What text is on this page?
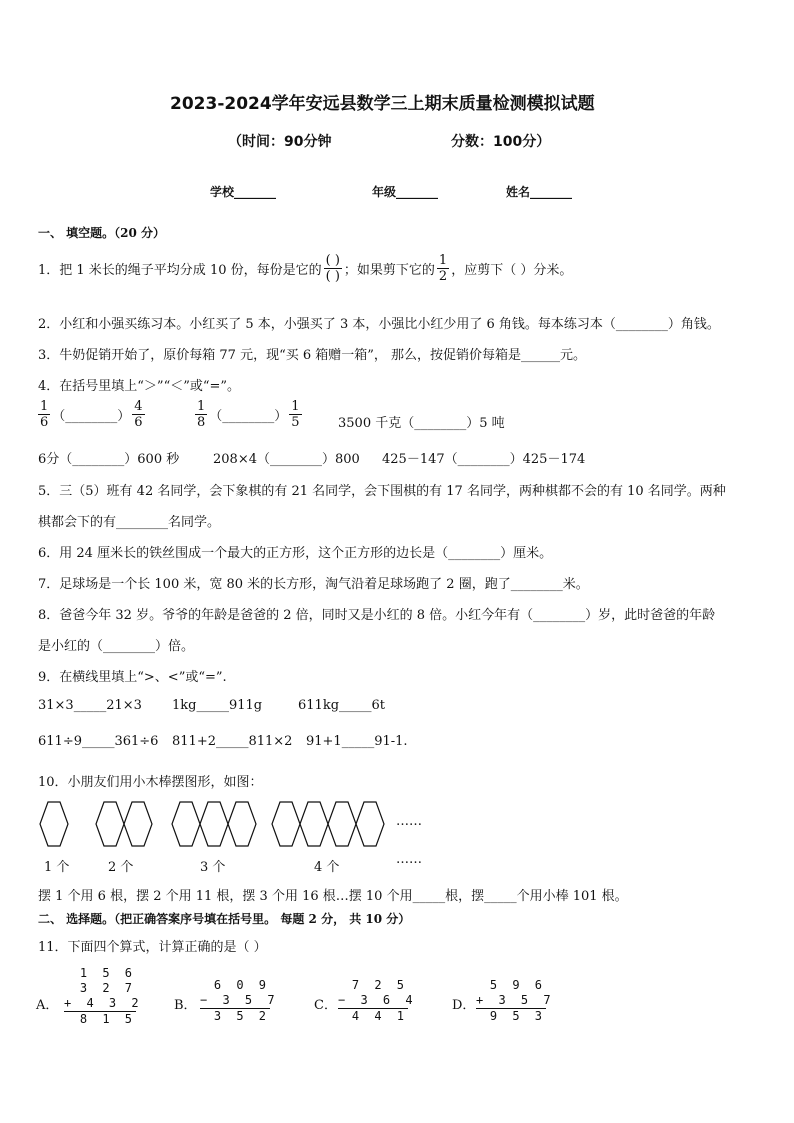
2023-2024学年安远县数学三上期末质量检测模拟试题
（时间：90分钟	分数：100分）
学校_______	年级_______	姓名_______
一、 填空题。（20 分）
1．把 1 米长的绳子平均分成 10 份，每份是它的 $\frac{( )}{( )}$ ；如果剪下它的 $\frac{1}{2}$ ，应剪下（ ）分米。
2．小红和小强买练习本。小红买了 5 本，小强买了 3 本，小强比小红少用了 6 角钱。每本练习本（________）角钱。
3．牛奶促销开始了，原价每箱 77 元，现“买 6 箱赠一箱”， 那么，按促销价每箱是______元。
4．在括号里填上“＞”“＜”或“=”。
$\frac{1}{6}$ （________） $\frac{4}{6}$	$\frac{1}{8}$ （________） $\frac{1}{5}$	3500 千克（________）5 吨
6分（________）600 秒	208×4（________）800 425－147（________）425－174
5．三（5）班有 42 名同学，会下象棋的有 21 名同学，会下围棋的有 17 名同学，两种棋都不会的有 10 名同学。两种
棋都会下的有________名同学。
6．用 24 厘米长的铁丝围成一个最大的正方形，这个正方形的边长是（________）厘米。
7．足球场是一个长 100 米，宽 80 米的长方形，淘气沿着足球场跑了 2 圈，跑了________米。
8．爸爸今年 32 岁。爷爷的年龄是爸爸的 2 倍，同时又是小红的 8 倍。小红今年有（________）岁，此时爸爸的年龄
是小红的（________）倍。
9．在横线里填上“>、<”或“=”.
31×3_____21×3 1kg_____911g	611kg_____6t
611÷9_____361÷6 811+2_____811×2 91+1_____91-1.
10．小朋友们用小木棒摆图形，如图：
……
1 个	2 个	3 个	4 个
……
摆 1 个用 6 根，摆 2 个用 11 根，摆 3 个用 16 根…摆 10 个用_____根，摆_____个用小棒 101 根。
二、 选择题。（把正确答案序号填在括号里。 每题 2 分， 共 10 分）
11．下面四个算式，计算正确的是（ ）
A．
1 5 6
3 2 7
+ 4 3 2
8 1 5
B．
6 0 9
− 3 5 7
3 5 2
C．
7 2 5
− 3 6 4
4 4 1
D．
5 9 6
+ 3 5 7
9 5 3
